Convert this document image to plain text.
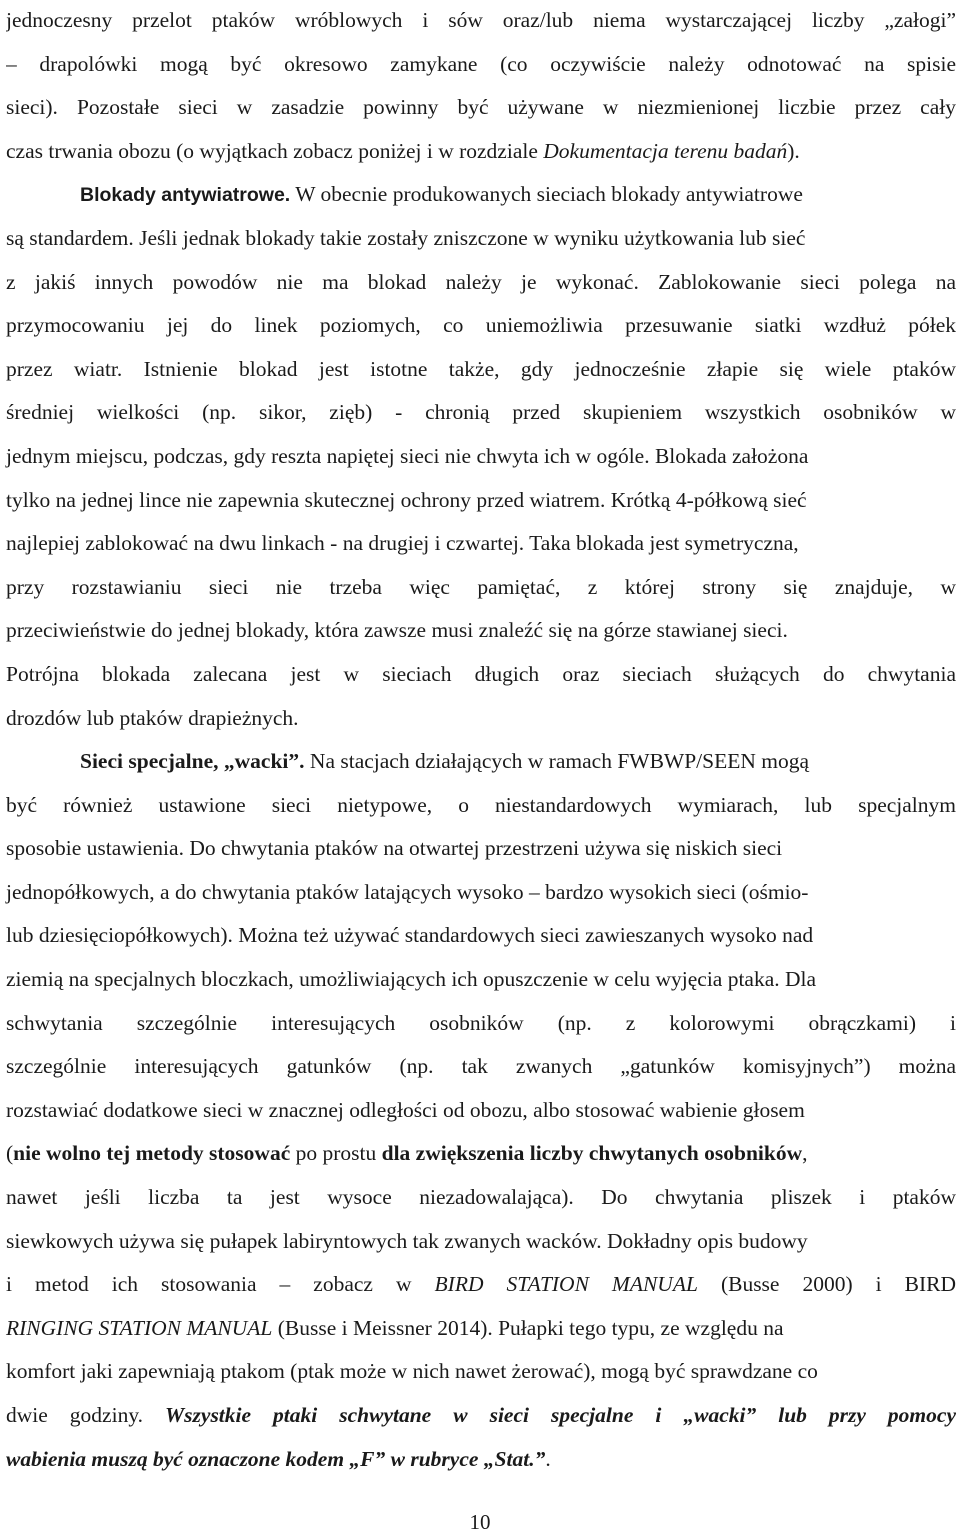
jednoczesny przelot ptaków wróblowych i sów oraz/lub niema wystarczającej liczby „załogi”
– drapolówki mogą być okresowo zamykane (co oczywiście należy odnotować na spisie
sieci). Pozostałe sieci w zasadzie powinny być używane w niezmienionej liczbie przez cały
czas trwania obozu (o wyjątkach zobacz poniżej i w rozdziale Dokumentacja terenu badań).
Blokady antywiatrowe. W obecnie produkowanych sieciach blokady antywiatrowe
są standardem. Jeśli jednak blokady takie zostały zniszczone w wyniku użytkowania lub sieć
z jakiś innych powodów nie ma blokad należy je wykonać. Zablokowanie sieci polega na
przymocowaniu jej do linek poziomych, co uniemożliwia przesuwanie siatki wzdłuż półek
przez wiatr. Istnienie blokad jest istotne także, gdy jednocześnie złapie się wiele ptaków
średniej wielkości (np. sikor, zięb) - chronią przed skupieniem wszystkich osobników w
jednym miejscu, podczas, gdy reszta napiętej sieci nie chwyta ich w ogóle. Blokada założona
tylko na jednej lince nie zapewnia skutecznej ochrony przed wiatrem. Krótką 4-półkową sieć
najlepiej zablokować na dwu linkach - na drugiej i czwartej. Taka blokada jest symetryczna,
przy rozstawianiu sieci nie trzeba więc pamiętać, z której strony się znajduje, w
przeciwieństwie do jednej blokady, która zawsze musi znaleźć się na górze stawianej sieci.
Potrójna blokada zalecana jest w sieciach długich oraz sieciach służących do chwytania
drozdów lub ptaków drapieżnych.
Sieci specjalne, „wacki”. Na stacjach działających w ramach FWBWP/SEEN mogą
być również ustawione sieci nietypowe, o niestandardowych wymiarach, lub specjalnym
sposobie ustawienia. Do chwytania ptaków na otwartej przestrzeni używa się niskich sieci
jednopółkowych, a do chwytania ptaków latających wysoko – bardzo wysokich sieci (ośmio-
lub dziesięciopółkowych). Można też używać standardowych sieci zawieszanych wysoko nad
ziemią na specjalnych bloczkach, umożliwiających ich opuszczenie w celu wyjęcia ptaka. Dla
schwytania szczególnie interesujących osobników (np. z kolorowymi obrączkami) i
szczególnie interesujących gatunków (np. tak zwanych „gatunków komisyjnych”) można
rozstawiać dodatkowe sieci w znacznej odległości od obozu, albo stosować wabienie głosem
(nie wolno tej metody stosować po prostu dla zwiększenia liczby chwytanych osobników,
nawet jeśli liczba ta jest wysoce niezadowalająca). Do chwytania pliszek i ptaków
siewkowych używa się pułapek labiryntowych tak zwanych wacków. Dokładny opis budowy
i metod ich stosowania – zobacz w BIRD STATION MANUAL (Busse 2000) i BIRD
RINGING STATION MANUAL (Busse i Meissner 2014). Pułapki tego typu, ze względu na
komfort jaki zapewniają ptakom (ptak może w nich nawet żerować), mogą być sprawdzane co
dwie godziny. Wszystkie ptaki schwytane w sieci specjalne i „wacki” lub przy pomocy
wabienia muszą być oznaczone kodem „F” w rubryce „Stat.”.
10
